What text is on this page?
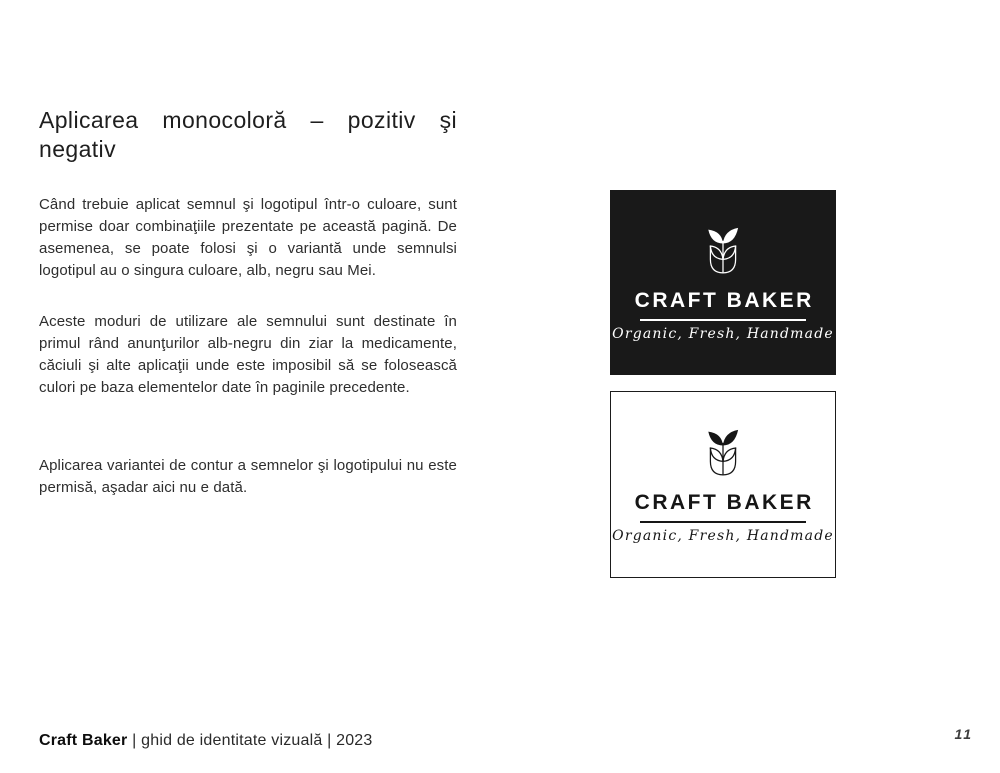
Aplicarea monocoloră – pozitiv şi negativ

Când trebuie aplicat semnul şi logotipul într-o culoare, sunt permise doar combinaţiile prezentate pe această pagină. De asemenea, se poate folosi şi o variantă unde semnulsi logotipul au o singura culoare, alb, negru sau Mei.

Aceste moduri de utilizare ale semnului sunt destinate în primul rând anunţurilor alb-negru din ziar la medicamente, căciuli şi alte aplicaţii unde este imposibil să se folosească culori pe baza elementelor date în paginile precedente.

Aplicarea variantei de contur a semnelor şi logotipului nu este permisă, aşadar aici nu e dată.

CRAFT BAKER
Organic, Fresh, Handmade
CRAFT BAKER
Organic, Fresh, Handmade
Craft Baker | ghid de identitate vizuală | 2023	11
